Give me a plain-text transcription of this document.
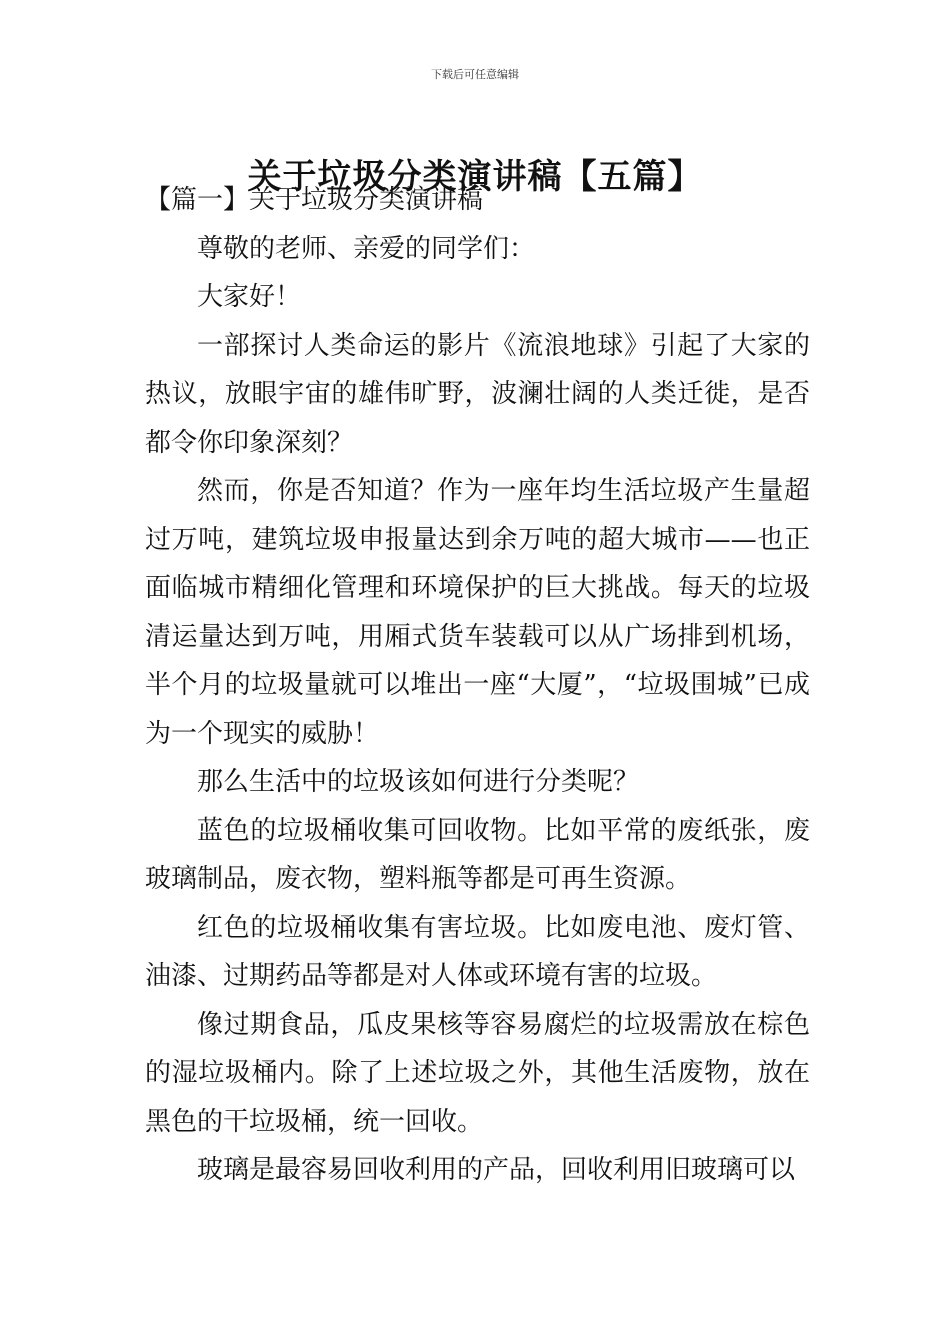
下载后可任意编辑
关于垃圾分类演讲稿【五篇】

【篇一】关于垃圾分类演讲稿

尊敬的老师、亲爱的同学们：

大家好！

一部探讨人类命运的影片《流浪地球》引起了大家的热议，放眼宇宙的雄伟旷野，波澜壮阔的人类迁徙，是否都令你印象深刻？

然而，你是否知道？作为一座年均生活垃圾产生量超过万吨，建筑垃圾申报量达到余万吨的超大城市——也正面临城市精细化管理和环境保护的巨大挑战。每天的垃圾清运量达到万吨，用厢式货车装载可以从广场排到机场，半个月的垃圾量就可以堆出一座“大厦”，“垃圾围城”已成为一个现实的威胁！

那么生活中的垃圾该如何进行分类呢？

蓝色的垃圾桶收集可回收物。比如平常的废纸张，废玻璃制品，废衣物，塑料瓶等都是可再生资源。

红色的垃圾桶收集有害垃圾。比如废电池、废灯管、油漆、过期药品等都是对人体或环境有害的垃圾。

像过期食品，瓜皮果核等容易腐烂的垃圾需放在棕色的湿垃圾桶内。除了上述垃圾之外，其他生活废物，放在黑色的干垃圾桶，统一回收。

玻璃是最容易回收利用的产品，回收利用旧玻璃可以
